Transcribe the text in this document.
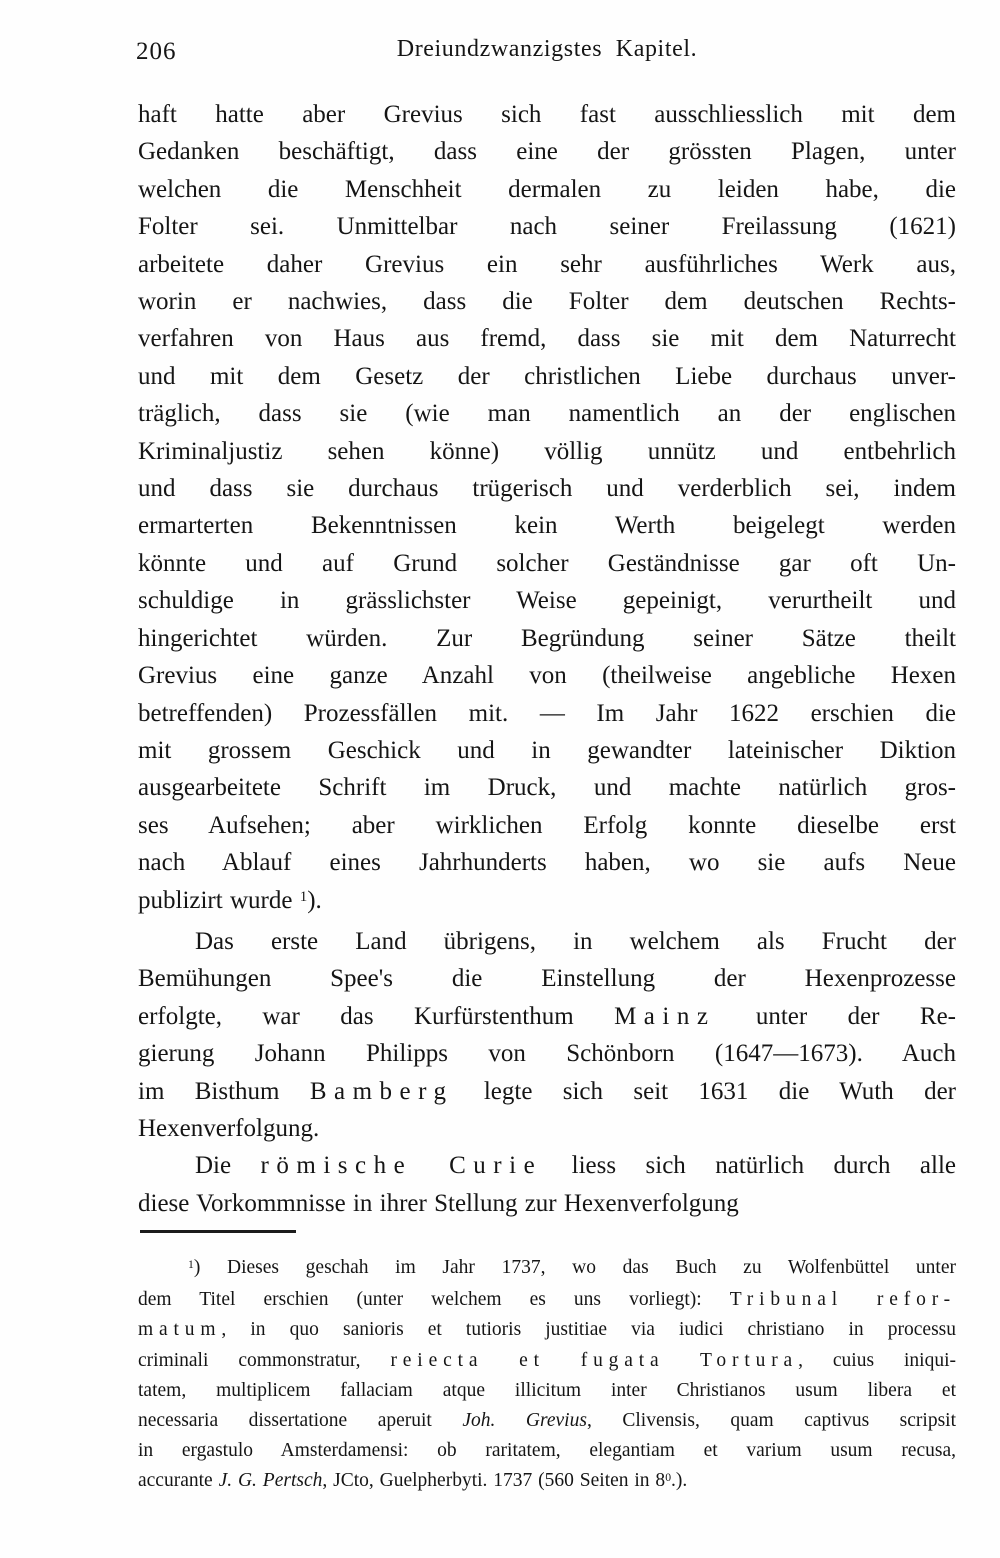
206	Dreiundzwanzigstes Kapitel.
haft hatte aber Grevius sich fast ausschliesslich mit dem
Gedanken beschäftigt, dass eine der grössten Plagen, unter
welchen die Menschheit dermalen zu leiden habe, die
Folter sei. Unmittelbar nach seiner Freilassung (1621)
arbeitete daher Grevius ein sehr ausführliches Werk aus,
worin er nachwies, dass die Folter dem deutschen Rechts-
verfahren von Haus aus fremd, dass sie mit dem Naturrecht
und mit dem Gesetz der christlichen Liebe durchaus unver-
träglich, dass sie (wie man namentlich an der englischen
Kriminaljustiz sehen könne) völlig unnütz und entbehrlich
und dass sie durchaus trügerisch und verderblich sei, indem
ermarterten Bekenntnissen kein Werth beigelegt werden
könnte und auf Grund solcher Geständnisse gar oft Un-
schuldige in grässlichster Weise gepeinigt, verurtheilt und
hingerichtet würden. Zur Begründung seiner Sätze theilt
Grevius eine ganze Anzahl von (theilweise angebliche Hexen
betreffenden) Prozessfällen mit. — Im Jahr 1622 erschien die
mit grossem Geschick und in gewandter lateinischer Diktion
ausgearbeitete Schrift im Druck, und machte natürlich gros-
ses Aufsehen; aber wirklichen Erfolg konnte dieselbe erst
nach Ablauf eines Jahrhunderts haben, wo sie aufs Neue
publizirt wurde $^1$).
Das erste Land übrigens, in welchem als Frucht der
Bemühungen Spee's die Einstellung der Hexenprozesse
erfolgte, war das Kurfürstenthum Mainz unter der Re-
gierung Johann Philipps von Schönborn (1647—1673). Auch
im Bisthum Bamberg legte sich seit 1631 die Wuth der
Hexenverfolgung.
Die römische Curie liess sich natürlich durch alle
diese Vorkommnisse in ihrer Stellung zur Hexenverfolgung
$^1$) Dieses geschah im Jahr 1737, wo das Buch zu Wolfenbüttel unter
dem Titel erschien (unter welchem es uns vorliegt): Tribunal refor-
matum, in quo sanioris et tutioris justitiae via iudici christiano in processu
criminali commonstratur, reiecta et fugata Tortura, cuius iniqui-
tatem, multiplicem fallaciam atque illicitum inter Christianos usum libera et
necessaria dissertatione aperuit Joh. Grevius, Clivensis, quam captivus scripsit
in ergastulo Amsterdamensi: ob raritatem, elegantiam et varium usum recusa,
accurante J. G. Pertsch, JCto, Guelpherbyti. 1737 (560 Seiten in $8^0$.).
